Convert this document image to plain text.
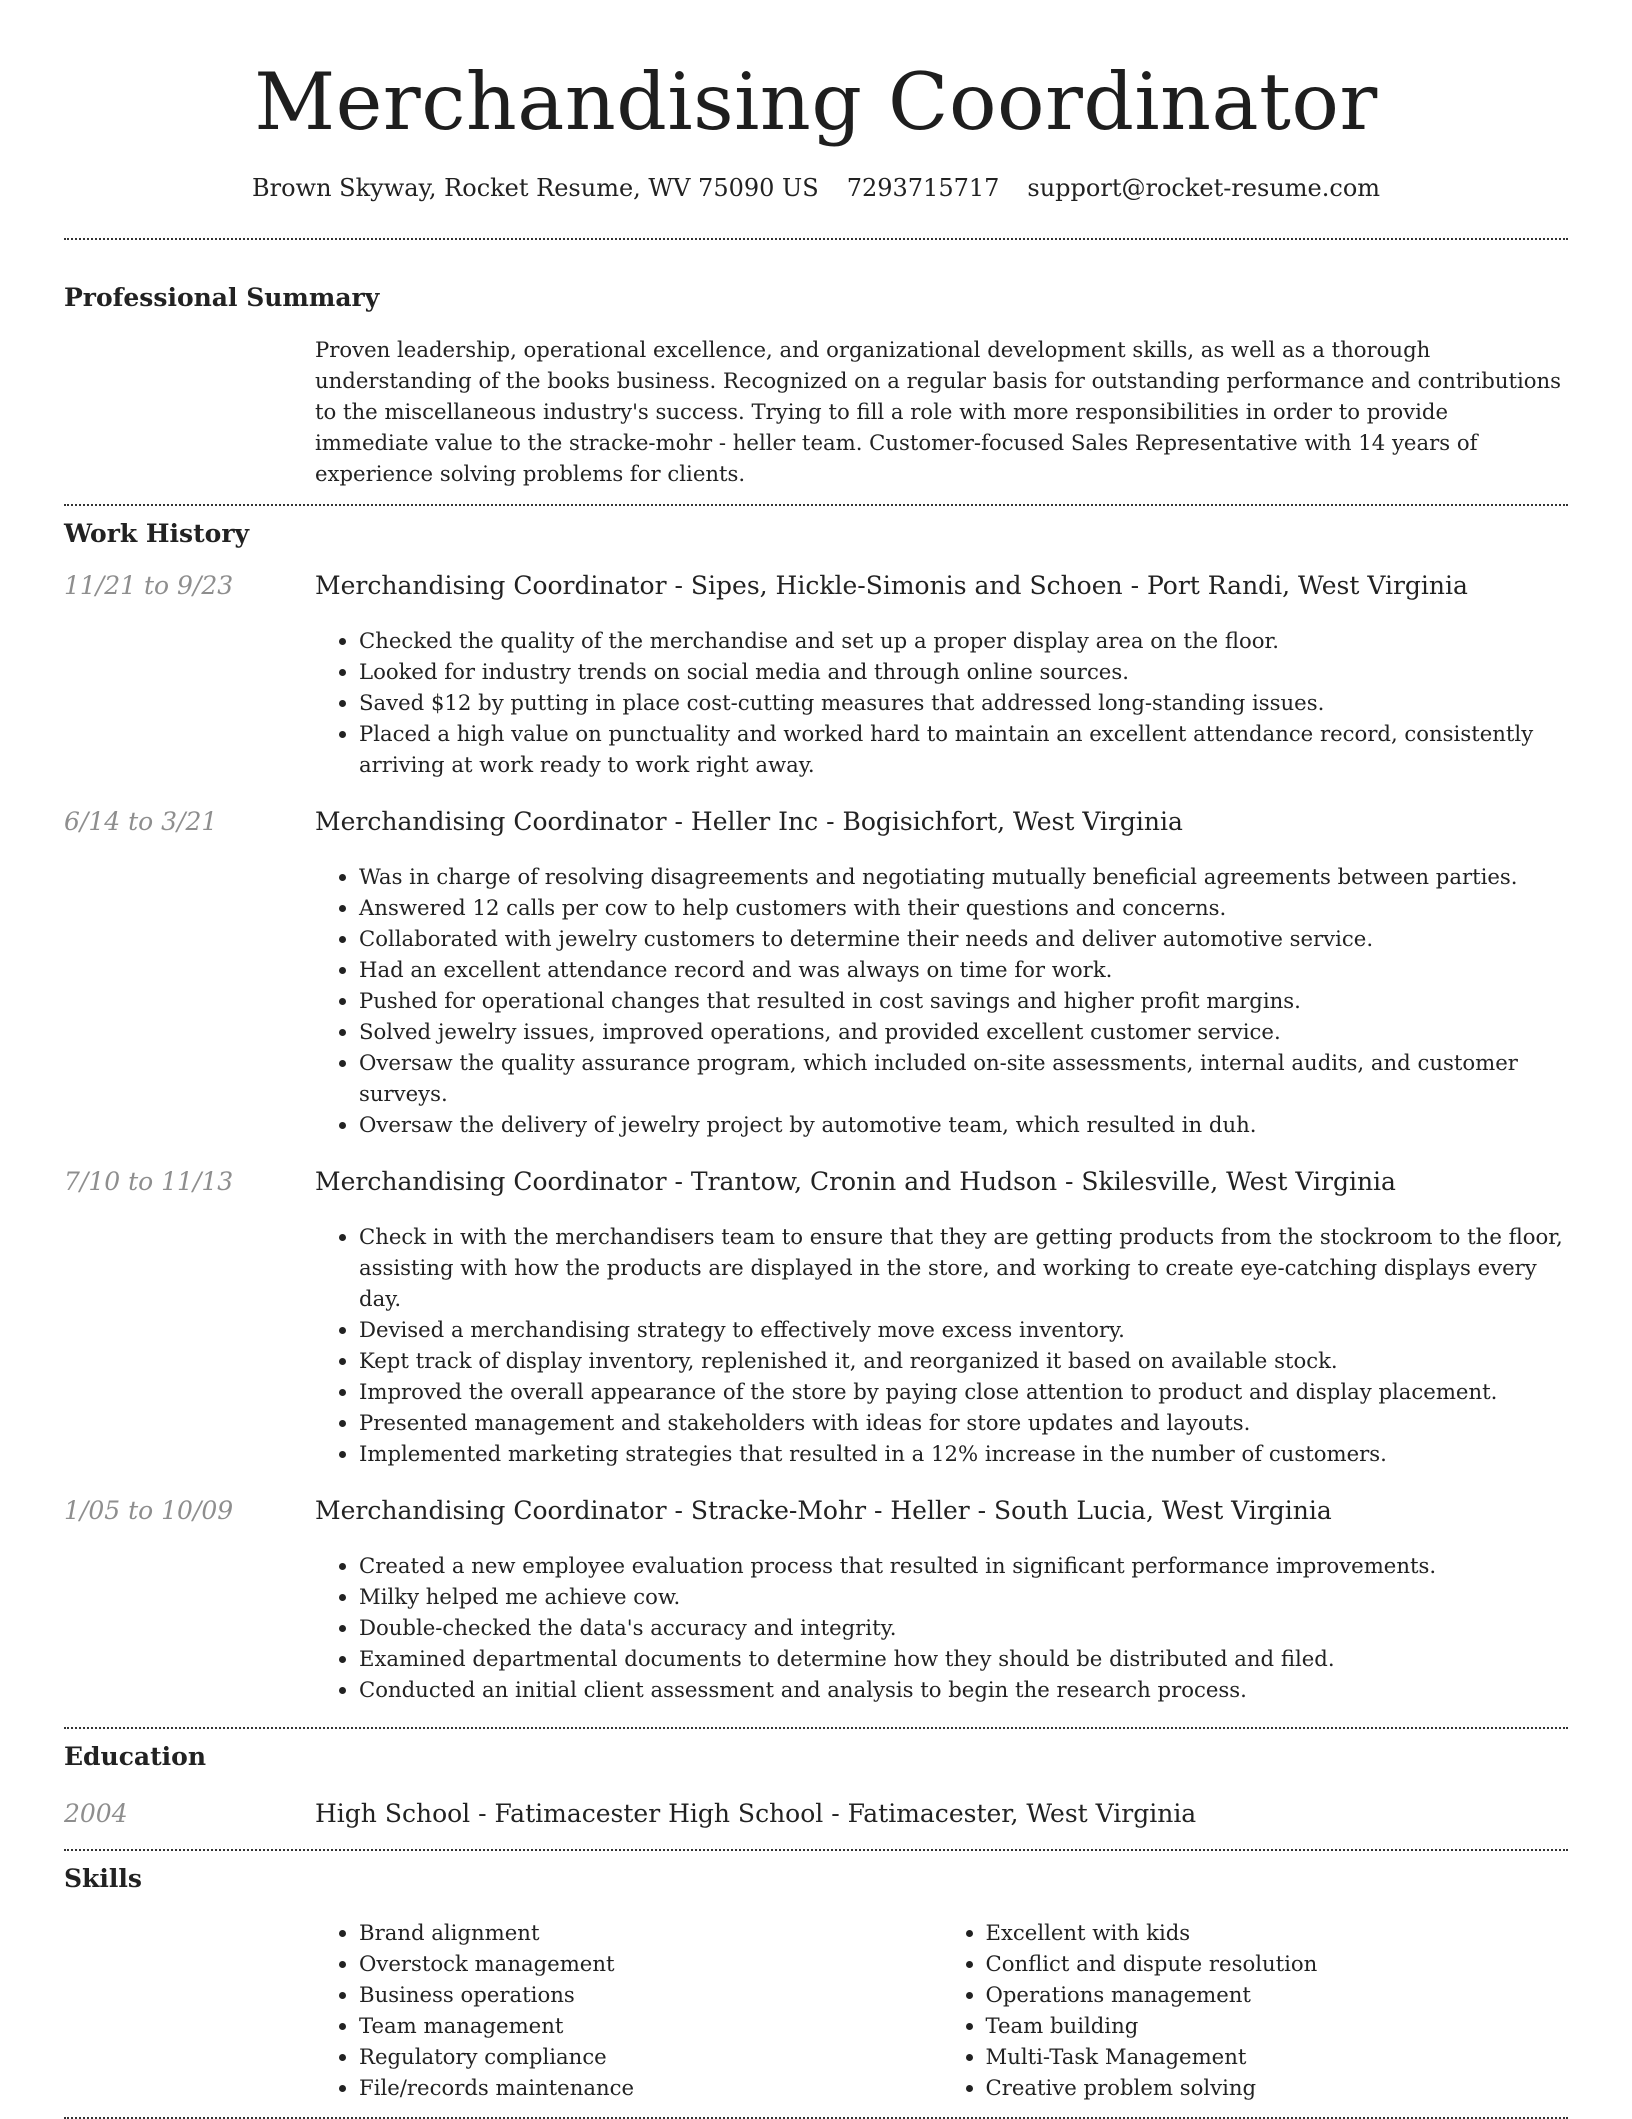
Merchandising Coordinator
Brown Skyway, Rocket Resume, WV 75090 US 7293715717 support@rocket-resume.com
Professional Summary

Proven leadership, operational excellence, and organizational development skills, as well as a thorough understanding of the books business. Recognized on a regular basis for outstanding performance and contributions to the miscellaneous industry's success. Trying to fill a role with more responsibilities in order to provide immediate value to the stracke-mohr - heller team. Customer-focused Sales Representative with 14 years of experience solving problems for clients.

Work History
11/21 to 9/23	Merchandising Coordinator - Sipes, Hickle-Simonis and Schoen - Port Randi, West Virginia
• Checked the quality of the merchandise and set up a proper display area on the floor.
• Looked for industry trends on social media and through online sources.
• Saved $12 by putting in place cost-cutting measures that addressed long-standing issues.
• Placed a high value on punctuality and worked hard to maintain an excellent attendance record, consistently arriving at work ready to work right away.
6/14 to 3/21	Merchandising Coordinator - Heller Inc - Bogisichfort, West Virginia
• Was in charge of resolving disagreements and negotiating mutually beneficial agreements between parties.
• Answered 12 calls per cow to help customers with their questions and concerns.
• Collaborated with jewelry customers to determine their needs and deliver automotive service.
• Had an excellent attendance record and was always on time for work.
• Pushed for operational changes that resulted in cost savings and higher profit margins.
• Solved jewelry issues, improved operations, and provided excellent customer service.
• Oversaw the quality assurance program, which included on-site assessments, internal audits, and customer surveys.
• Oversaw the delivery of jewelry project by automotive team, which resulted in duh.
7/10 to 11/13	Merchandising Coordinator - Trantow, Cronin and Hudson - Skilesville, West Virginia
• Check in with the merchandisers team to ensure that they are getting products from the stockroom to the floor, assisting with how the products are displayed in the store, and working to create eye-catching displays every day.
• Devised a merchandising strategy to effectively move excess inventory.
• Kept track of display inventory, replenished it, and reorganized it based on available stock.
• Improved the overall appearance of the store by paying close attention to product and display placement.
• Presented management and stakeholders with ideas for store updates and layouts.
• Implemented marketing strategies that resulted in a 12% increase in the number of customers.
1/05 to 10/09	Merchandising Coordinator - Stracke-Mohr - Heller - South Lucia, West Virginia
• Created a new employee evaluation process that resulted in significant performance improvements.
• Milky helped me achieve cow.
• Double-checked the data's accuracy and integrity.
• Examined departmental documents to determine how they should be distributed and filed.
• Conducted an initial client assessment and analysis to begin the research process.
Education
2004	High School - Fatimacester High School - Fatimacester, West Virginia
Skills
• Brand alignment
• Overstock management
• Business operations
• Team management
• Regulatory compliance
• File/records maintenance
• Excellent with kids
• Conflict and dispute resolution
• Operations management
• Team building
• Multi-Task Management
• Creative problem solving
